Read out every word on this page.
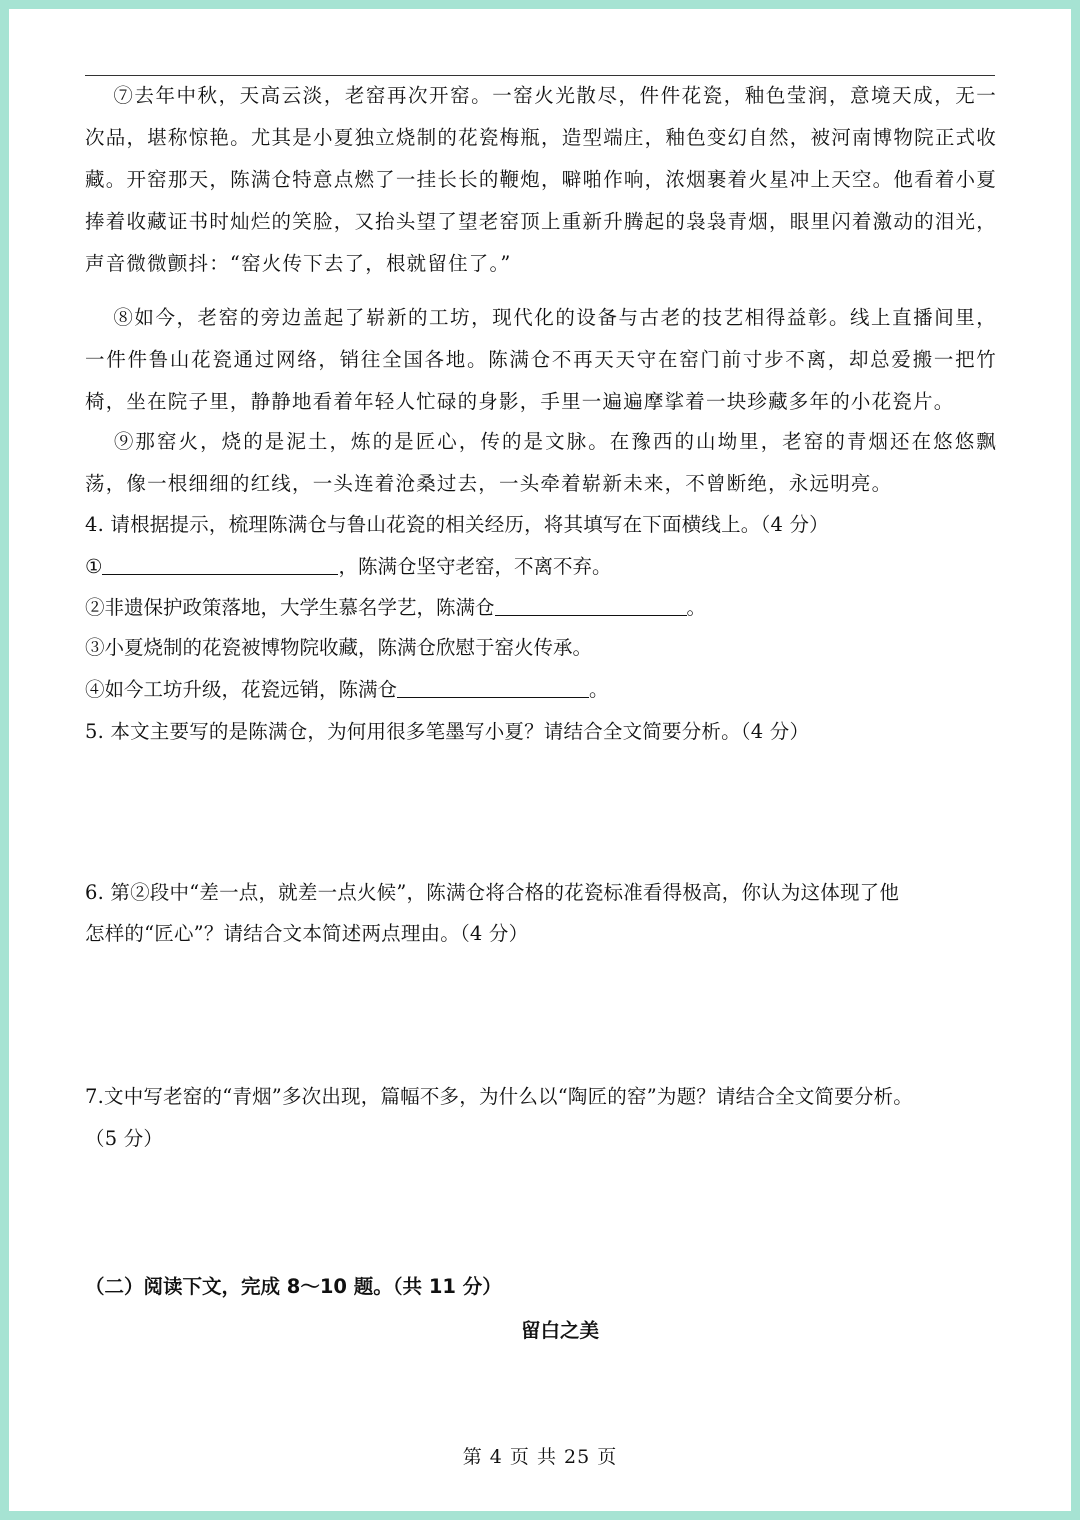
⑦去年中秋，天高云淡，老窑再次开窑。一窑火光散尽，件件花瓷，釉色莹润，意境天成，无一次品，堪称惊艳。尤其是小夏独立烧制的花瓷梅瓶，造型端庄，釉色变幻自然，被河南博物院正式收藏。开窑那天，陈满仓特意点燃了一挂长长的鞭炮，噼啪作响，浓烟裹着火星冲上天空。他看着小夏捧着收藏证书时灿烂的笑脸，又抬头望了望老窑顶上重新升腾起的袅袅青烟，眼里闪着激动的泪光，声音微微颤抖：“窑火传下去了，根就留住了。”

⑧如今，老窑的旁边盖起了崭新的工坊，现代化的设备与古老的技艺相得益彰。线上直播间里，一件件鲁山花瓷通过网络，销往全国各地。陈满仓不再天天守在窑门前寸步不离，却总爱搬一把竹椅，坐在院子里，静静地看着年轻人忙碌的身影，手里一遍遍摩挲着一块珍藏多年的小花瓷片。

⑨那窑火，烧的是泥土，炼的是匠心，传的是文脉。在豫西的山坳里，老窑的青烟还在悠悠飘荡，像一根细细的红线，一头连着沧桑过去，一头牵着崭新未来，不曾断绝，永远明亮。

4. 请根据提示，梳理陈满仓与鲁山花瓷的相关经历，将其填写在下面横线上。（4 分）

①	，陈满仓坚守老窑，不离不弃。

②非遗保护政策落地，大学生慕名学艺，陈满仓	。

③小夏烧制的花瓷被博物院收藏，陈满仓欣慰于窑火传承。

④如今工坊升级，花瓷远销，陈满仓	。

5. 本文主要写的是陈满仓，为何用很多笔墨写小夏？请结合全文简要分析。（4 分）

6. 第②段中“差一点，就差一点火候”，陈满仓将合格的花瓷标准看得极高，你认为这体现了他

怎样的“匠心”？请结合文本简述两点理由。（4 分）

7.文中写老窑的“青烟”多次出现，篇幅不多，为什么以“陶匠的窑”为题？请结合全文简要分析。

（5 分）

（二）阅读下文，完成 8～10 题。（共 11 分）

留白之美

第 4 页 共 25 页
